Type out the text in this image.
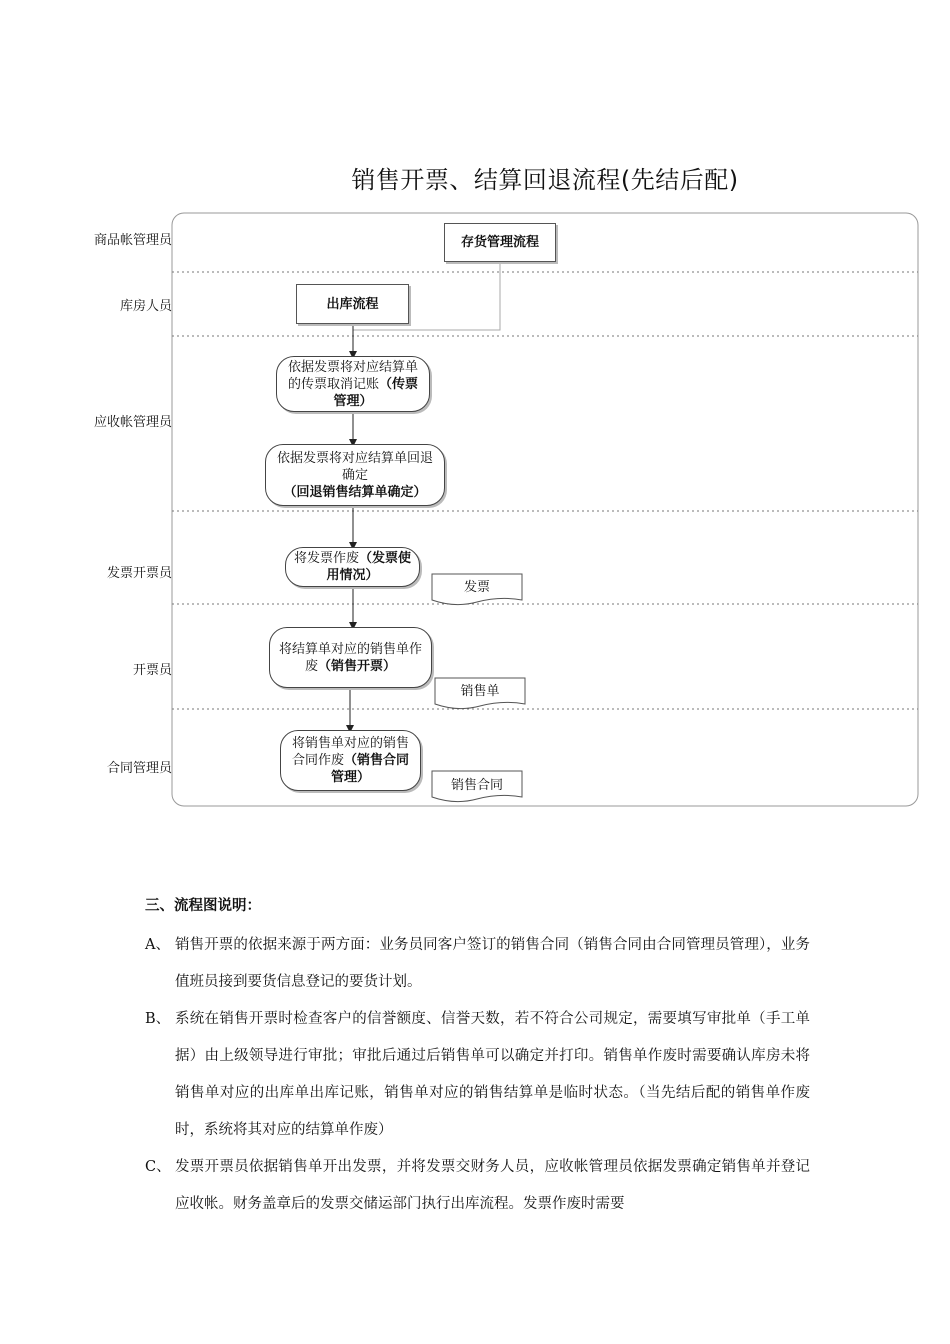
销售开票、结算回退流程(先结后配)
商品帐管理员
库房人员
应收帐管理员
发票开票员
开票员
合同管理员
存货管理流程
出库流程
依据发票将对应结算单的传票取消记账（传票管理）
依据发票将对应结算单回退确定（回退销售结算单确定）
将发票作废（发票使用情况）
将结算单对应的销售单作废（销售开票）
将销售单对应的销售合同作废（销售合同管理）
发票
销售单
销售合同
三、流程图说明：
A、 销售开票的依据来源于两方面：业务员同客户签订的销售合同（销售合同由合同管理员管理），业务值班员接到要货信息登记的要货计划。
B、 系统在销售开票时检查客户的信誉额度、信誉天数，若不符合公司规定，需要填写审批单（手工单据）由上级领导进行审批；审批后通过后销售单可以确定并打印。销售单作废时需要确认库房未将销售单对应的出库单出库记账，销售单对应的销售结算单是临时状态。（当先结后配的销售单作废时，系统将其对应的结算单作废）
C、 发票开票员依据销售单开出发票，并将发票交财务人员，应收帐管理员依据发票确定销售单并登记应收帐。财务盖章后的发票交储运部门执行出库流程。发票作废时需要
